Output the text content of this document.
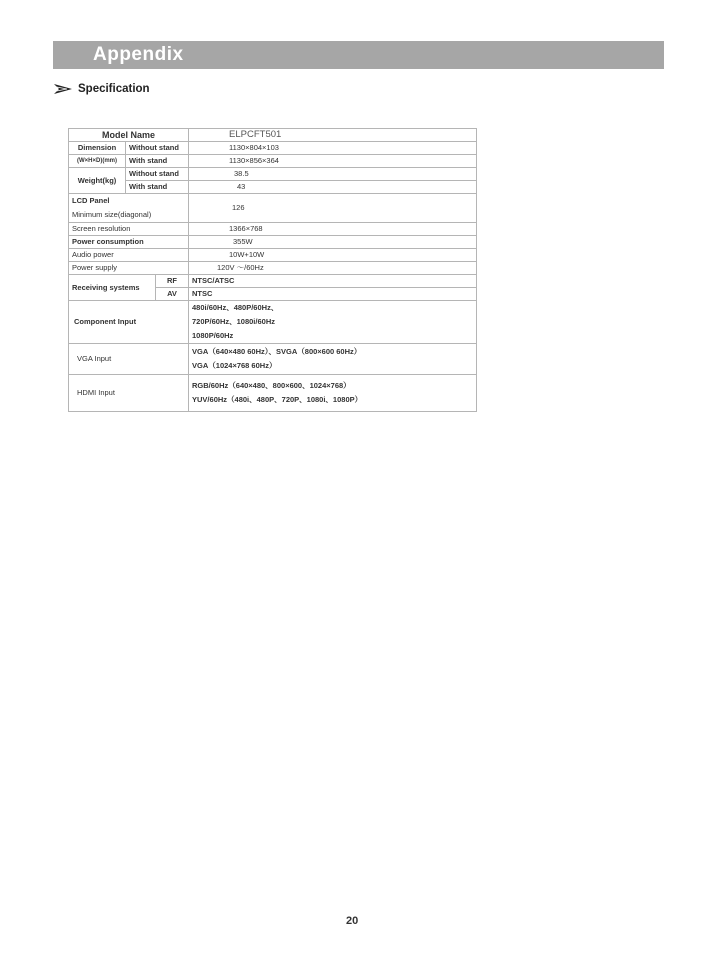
Appendix
Specification
Model Name			ELPCFT501
Dimension	Without stand		1130×804×103
(W×H×D)(mm)	With stand		1130×856×364
Weight(kg)	Without stand		38.5
	With stand		43

LCD Panel
Minimum size(diagonal)			126
Screen resolution			1366×768
Power consumption			355W
Audio power			10W+10W
Power supply			120V ～/60Hz
Receiving systems		RF	NTSC/ATSC
		AV	NTSC
Component Input			480i/60Hz、480P/60Hz、
720P/60Hz、1080i/60Hz
1080P/60Hz

VGA Input			VGA（640×480 60Hz）、SVGA（800×600 60Hz）
VGA（1024×768 60Hz）

HDMI Input			RGB/60Hz（640×480、800×600、1024×768）
YUV/60Hz（480i、480P、720P、1080i、1080P）
20
